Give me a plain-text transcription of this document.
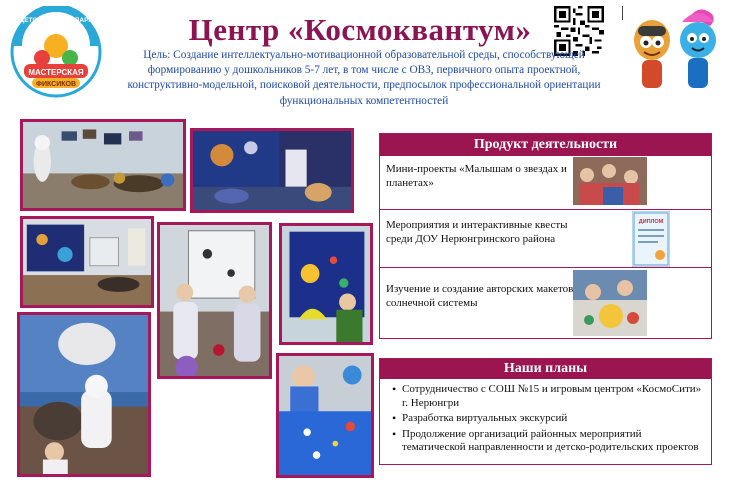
МАСТЕРСКАЯ
ФИКСИКОВ
ДЕТСКИЙ ТЕХНОПАРК	Центр «Космоквантум»
Цель: Создание интеллектуально-мотивационной образовательной среды, способствующей
формированию у дошкольников 5-7 лет, в том числе с ОВЗ, первичного опыта проектной,
конструктивно-модельной, поисковой деятельности, предпосылок профессиональной ориентации
функциональных компетентностей
Продукт деятельности
Мини-проекты «Малышам о звездах и планетах»
Мероприятия и интерактивные квесты среди ДОУ Нерюнгринского района
ДИПЛОМ
Изучение и создание авторских макетов солнечной системы
Наши планы
• Сотрудничество с СОШ №15 и игровым центром «КосмоСити» г. Нерюнгри
• Разработка виртуальных экскурсий
• Продолжение организаций районных мероприятий тематической направленности и детско-родительских проектов
